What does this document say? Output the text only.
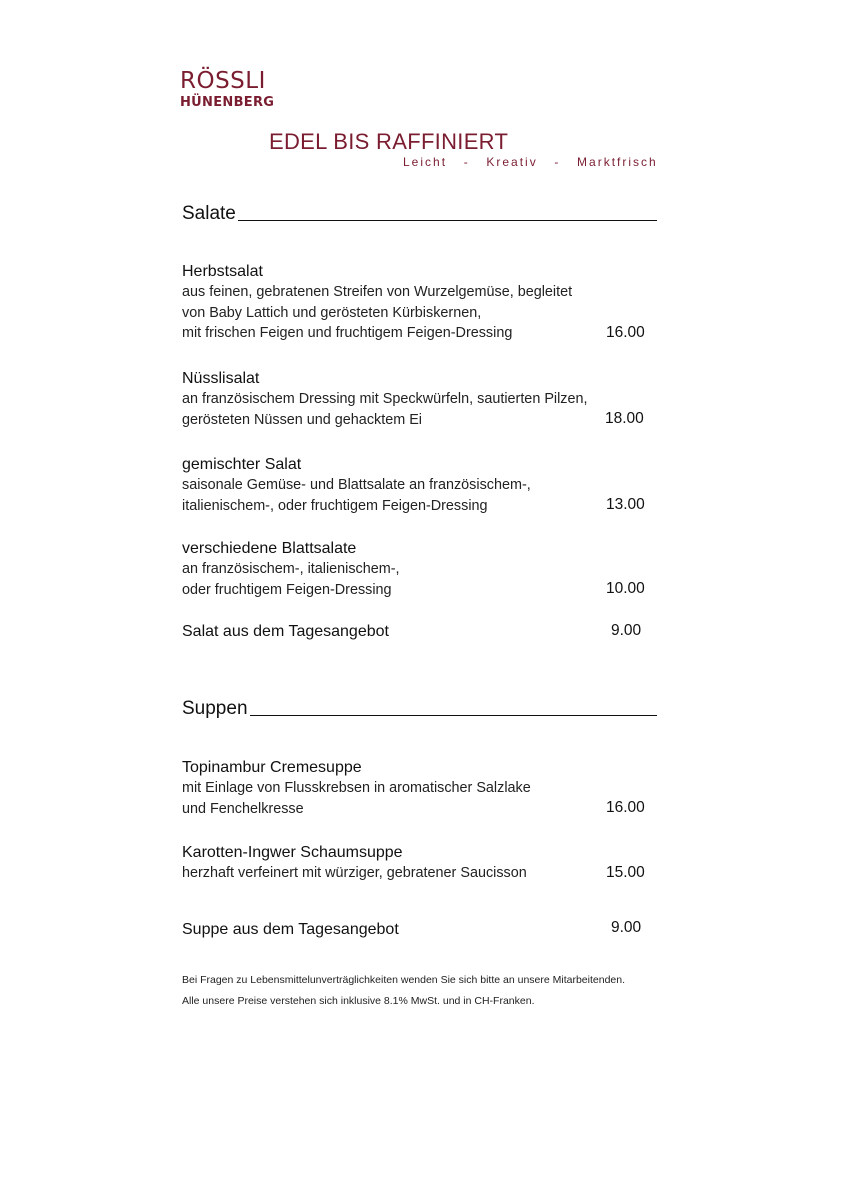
RÖSSLI
HÜNENBERG
EDEL BIS RAFFINIERT
Leicht  -  Kreativ  -  Marktfrisch
Salate
Herbstsalat
aus feinen, gebratenen Streifen von Wurzelgemüse, begleitet
von Baby Lattich und gerösteten Kürbiskernen,
mit frischen Feigen und fruchtigem Feigen-Dressing	16.00
Nüsslisalat
an französischem Dressing mit Speckwürfeln, sautierten Pilzen,
gerösteten Nüssen und gehacktem Ei	18.00
gemischter Salat
saisonale Gemüse- und Blattsalate an französischem-,
italienischem-, oder fruchtigem Feigen-Dressing	13.00
verschiedene Blattsalate
an französischem-, italienischem-,
oder fruchtigem Feigen-Dressing	10.00
Salat aus dem Tagesangebot	9.00
Suppen
Topinambur Cremesuppe
mit Einlage von Flusskrebsen in aromatischer Salzlake
und Fenchelkresse	16.00
Karotten-Ingwer Schaumsuppe
herzhaft verfeinert mit würziger, gebratener Saucisson	15.00
Suppe aus dem Tagesangebot	9.00
Bei Fragen zu Lebensmittelunverträglichkeiten wenden Sie sich bitte an unsere Mitarbeitenden.
Alle unsere Preise verstehen sich inklusive 8.1% MwSt. und in CH-Franken.
